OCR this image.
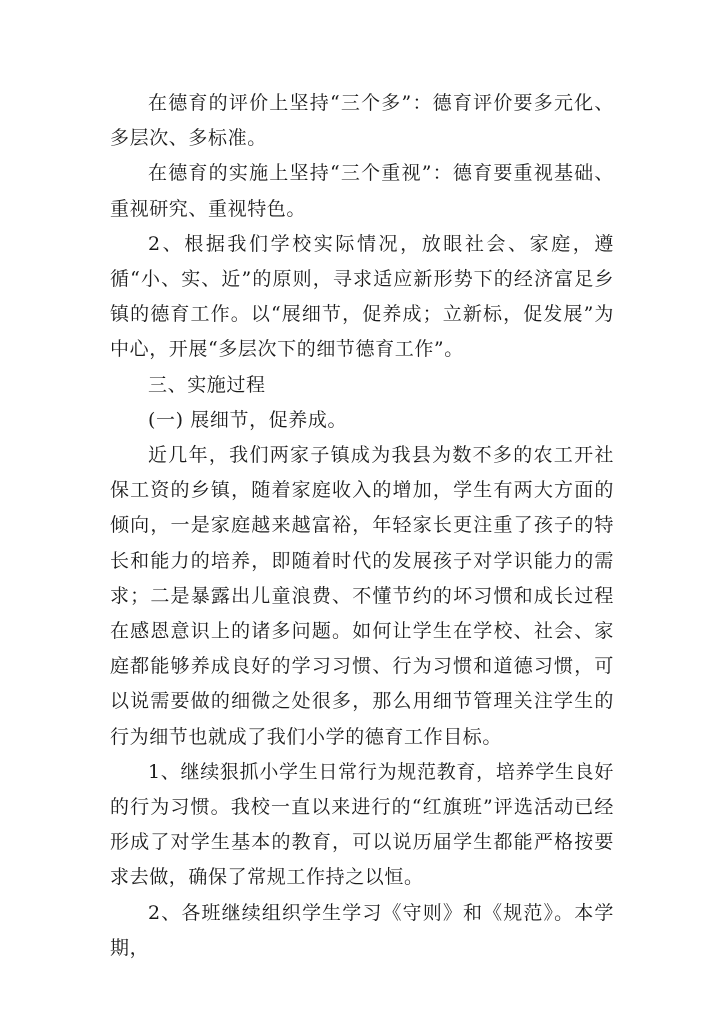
在德育的评价上坚持“三个多”：德育评价要多元化、多层次、多标准。

在德育的实施上坚持“三个重视”：德育要重视基础、重视研究、重视特色。

2、根据我们学校实际情况，放眼社会、家庭，遵循“小、实、近”的原则，寻求适应新形势下的经济富足乡镇的德育工作。以“展细节，促养成；立新标，促发展”为中心，开展“多层次下的细节德育工作”。

三、实施过程

(一) 展细节，促养成。

近几年，我们两家子镇成为我县为数不多的农工开社保工资的乡镇，随着家庭收入的增加，学生有两大方面的倾向，一是家庭越来越富裕，年轻家长更注重了孩子的特长和能力的培养，即随着时代的发展孩子对学识能力的需求；二是暴露出儿童浪费、不懂节约的坏习惯和成长过程在感恩意识上的诸多问题。如何让学生在学校、社会、家庭都能够养成良好的学习习惯、行为习惯和道德习惯，可以说需要做的细微之处很多，那么用细节管理关注学生的行为细节也就成了我们小学的德育工作目标。

1、继续狠抓小学生日常行为规范教育，培养学生良好的行为习惯。我校一直以来进行的“红旗班”评选活动已经形成了对学生基本的教育，可以说历届学生都能严格按要求去做，确保了常规工作持之以恒。

2、各班继续组织学生学习《守则》和《规范》。本学期，
